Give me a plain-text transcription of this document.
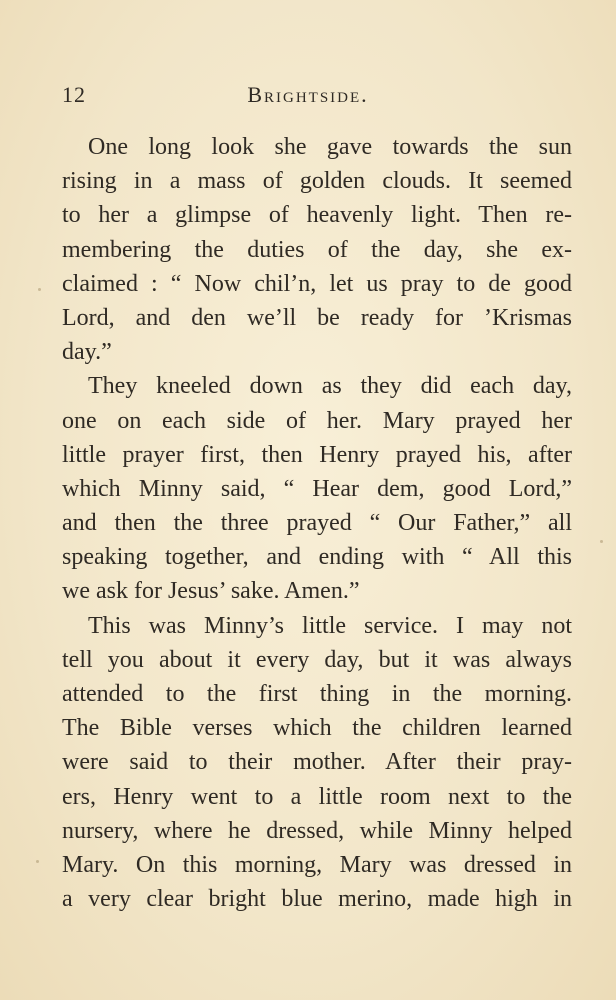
12	Brightside.
One long look she gave towards the sun
rising in a mass of golden clouds. It seemed
to her a glimpse of heavenly light. Then re-
membering the duties of the day, she ex-
claimed : “ Now chil’n, let us pray to de good
Lord, and den we’ll be ready for ’Krismas
day.”
They kneeled down as they did each day,
one on each side of her. Mary prayed her
little prayer first, then Henry prayed his, after
which Minny said, “ Hear dem, good Lord,”
and then the three prayed “ Our Father,” all
speaking together, and ending with “ All this
we ask for Jesus’ sake. Amen.”
This was Minny’s little service. I may not
tell you about it every day, but it was always
attended to the first thing in the morning.
The Bible verses which the children learned
were said to their mother. After their pray-
ers, Henry went to a little room next to the
nursery, where he dressed, while Minny helped
Mary. On this morning, Mary was dressed in
a very clear bright blue merino, made high in
